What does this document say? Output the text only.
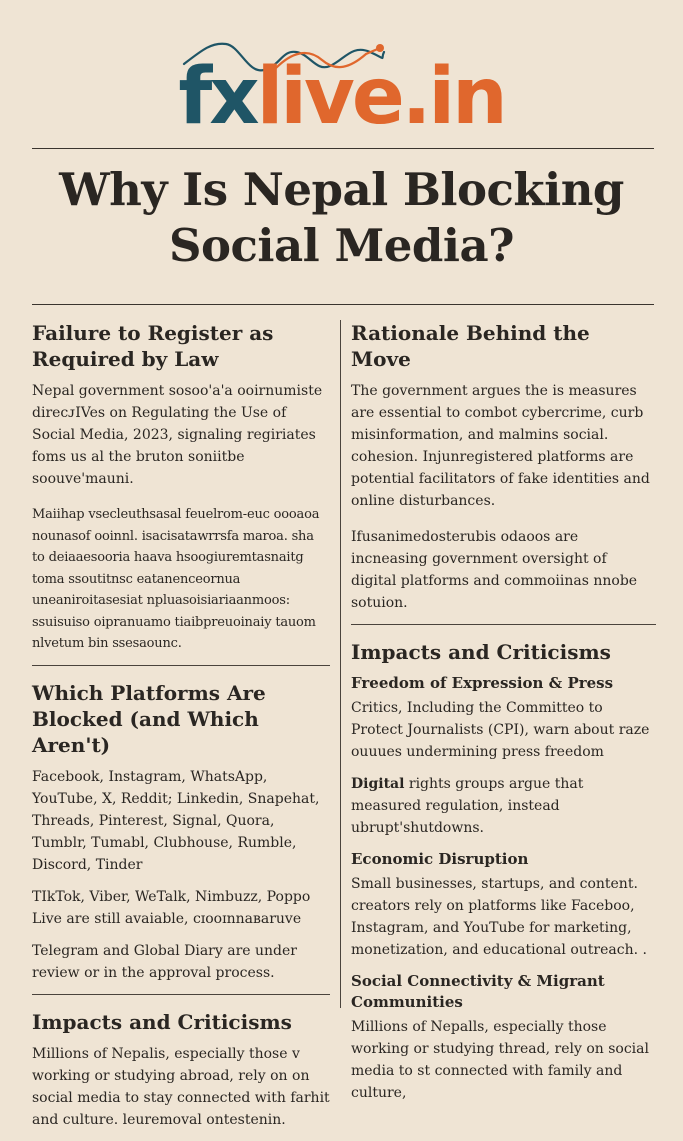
fxlive.in
Why Is Nepal Blocking
Social Media?
Failure to Register as Required by Law
Nepal government sosoo'a'a ooirnumiste direcᴊIVes on Regulating the Use of Social Media, 2023, signaling regiriates foms us al the bruton soniitbe soouve'mauni.
Maiihap vsecleuthsasal feuelrom-euc oooaoa nounasof ooinnl. isacisatawrrsfa maroa. sha to deiaaesooria haava hsoogiuremtasnaitg toma ssoutitnsc eatanenceornua uneaniroitasesiat npluasoisiariaanmoos: ssuisuiso oipranuamo tiaibpreuoinaiy tauom nlvetum bin ssesaounc.
Which Platforms Are Blocked (and Which Aren't)
Facebook, Instagram, WhatsApp, YouTube, X, Reddit; Linkedin, Snapehat, Threads, Pinterest, Signal, Quora, Tumblr, Tumabl, Clubhouse, Rumble, Discord, Tinder
TIkTok, Viber, WeTalk, Nimbuzz, Poppo Live are still avaiable, cɪooɪnnaʙaruve
Telegram and Global Diary are under review or in the approval process.
Impacts and Criticisms
Millions of Nepalis, especially those v working or studying abroad, rely on on social media to stay connected with farhit and culture. leuremoval ontestenin.
Rationale Behind the Move
The government argues the is measures are essential to combot cybercrime, curb misinformation, and malmins social. cohesion. Injunregistered platforms are potential facilitators of fake identities and online disturbances.
Ifusanimedosterubis odaoos are incneasing government oversight of digital platforms and commoiinas nnobe sotuion.
Impacts and Criticisms
Freedom of Expression & Press
Critics, Including the Committeo to Protect Journalists (CPI), warn about raze ouuues undermining press freedom
Digital rights groups argue that measured regulation, instead ubrupt'shutdowns.
Economic Disruption
Small businesses, startups, and content. creators rely on platforms like Faceboo, Instagram, and YouTube for marketing, monetization, and educational outreach. .
Social Connectivity & Migrant Communities
Millions of Nepalls, especially those working or studying thread, rely on social media to st connected with family and culture,
